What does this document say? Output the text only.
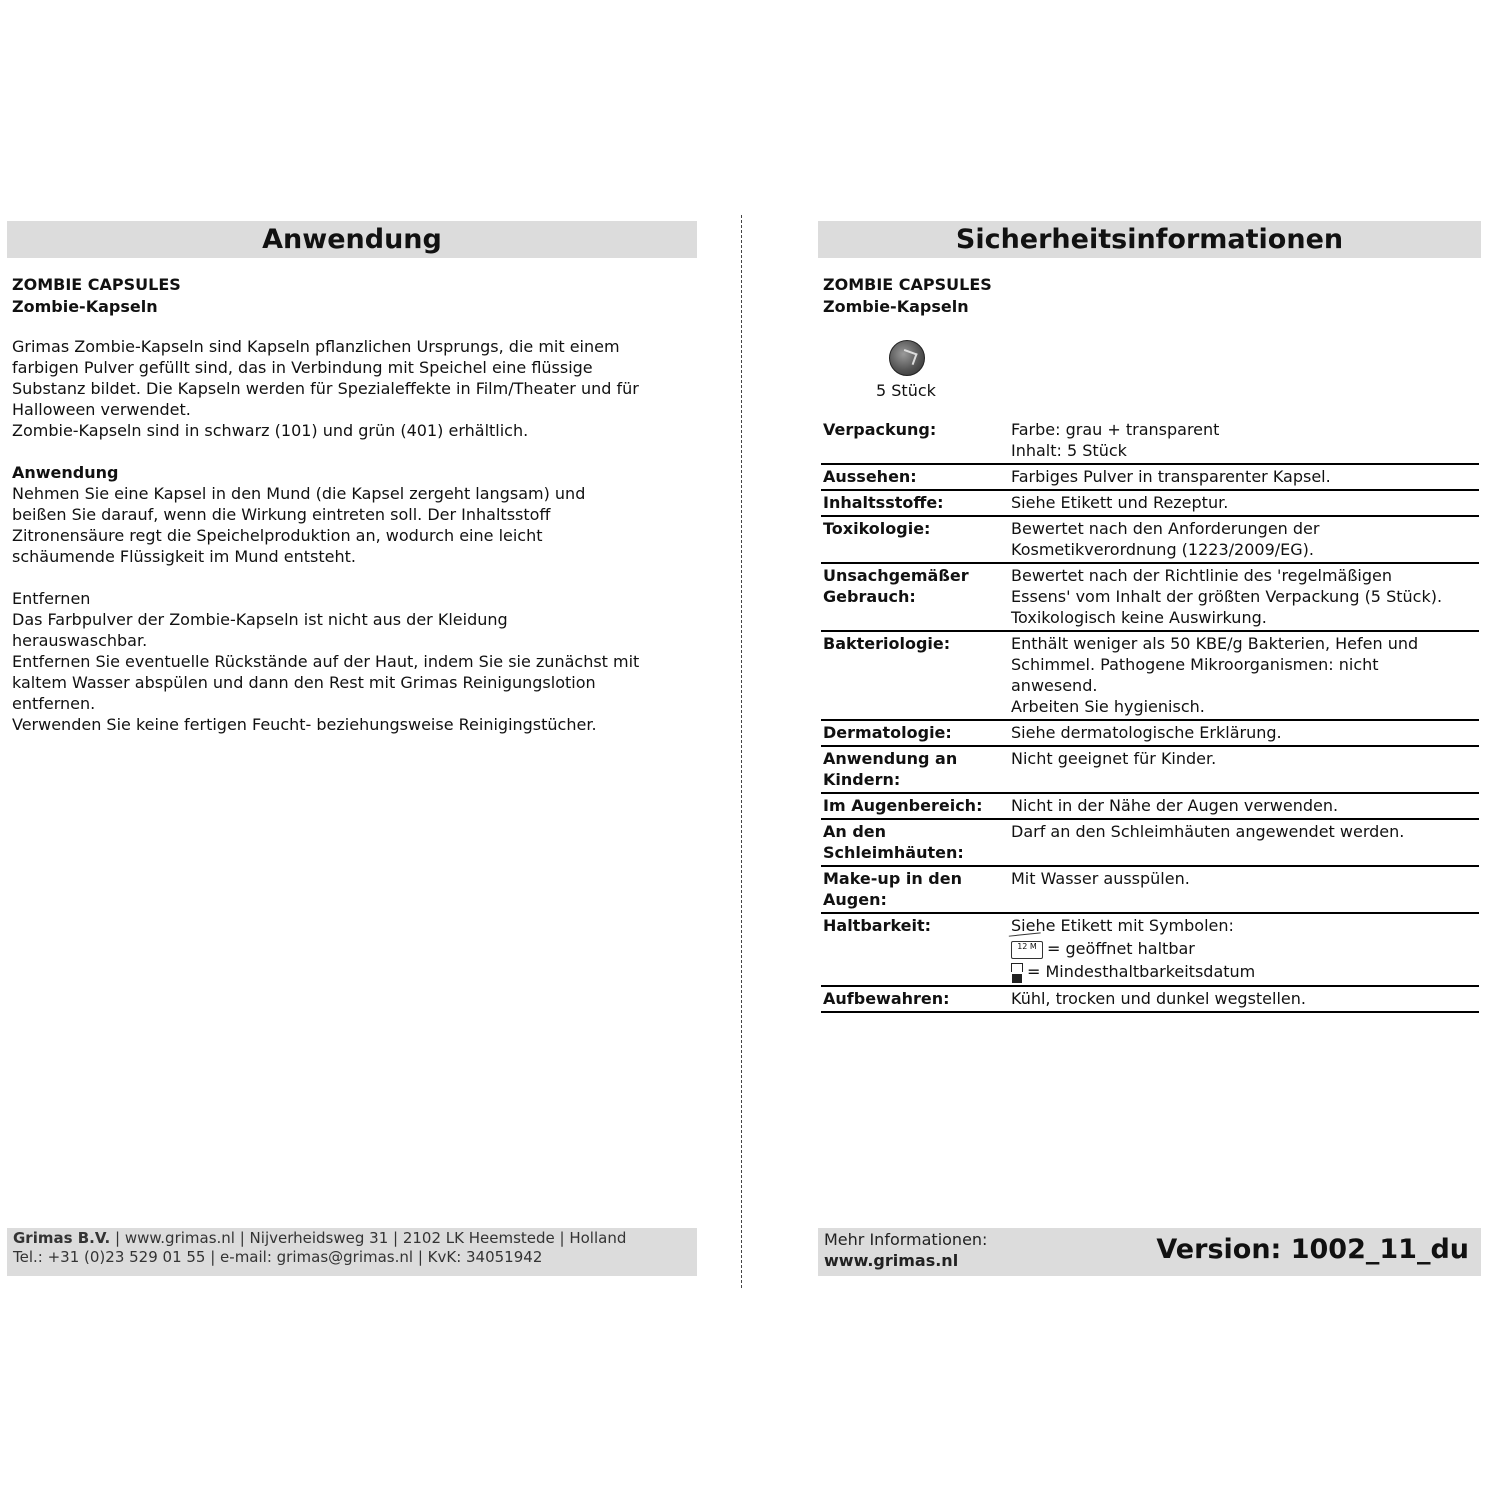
Anwendung
ZOMBIE CAPSULES
Zombie-Kapseln

Grimas Zombie-Kapseln sind Kapseln pflanzlichen Ursprungs, die mit einem

farbigen Pulver gefüllt sind, das in Verbindung mit Speichel eine flüssige

Substanz bildet. Die Kapseln werden für Spezialeffekte in Film/Theater und für

Halloween verwendet.

Zombie-Kapseln sind in schwarz (101) und grün (401) erhältlich.

Anwendung

Nehmen Sie eine Kapsel in den Mund (die Kapsel zergeht langsam) und

beißen Sie darauf, wenn die Wirkung eintreten soll. Der Inhaltsstoff

Zitronensäure regt die Speichelproduktion an, wodurch eine leicht

schäumende Flüssigkeit im Mund entsteht.

Entfernen

Das Farbpulver der Zombie-Kapseln ist nicht aus der Kleidung

herauswaschbar.

Entfernen Sie eventuelle Rückstände auf der Haut, indem Sie sie zunächst mit

kaltem Wasser abspülen und dann den Rest mit Grimas Reinigungslotion

entfernen.

Verwenden Sie keine fertigen Feucht- beziehungsweise Reinigingstücher.

Grimas B.V. | www.grimas.nl | Nijverheidsweg 31 | 2102 LK Heemstede | Holland
Tel.: +31 (0)23 529 01 55 | e-mail: grimas@grimas.nl | KvK: 34051942
Sicherheitsinformationen
ZOMBIE CAPSULES
Zombie-Kapseln
5 Stück
Verpackung:	Farbe: grau + transparent
Inhalt: 5 Stück

Aussehen:	Farbiges Pulver in transparenter Kapsel.

Inhaltsstoffe:	Siehe Etikett und Rezeptur.

Toxikologie:	Bewertet nach den Anforderungen der
Kosmetikverordnung (1223/2009/EG).

Unsachgemäßer Gebrauch:	Bewertet nach der Richtlinie des 'regelmäßigen
Essens' vom Inhalt der größten Verpackung (5 Stück).
Toxikologisch keine Auswirkung.

Bakteriologie:	Enthält weniger als 50 KBE/g Bakterien, Hefen und
Schimmel. Pathogene Mikroorganismen: nicht
anwesend.
Arbeiten Sie hygienisch.

Dermatologie:	Siehe dermatologische Erklärung.

Anwendung an Kindern:	Nicht geeignet für Kinder.

Im Augenbereich:	Nicht in der Nähe der Augen verwenden.

An den Schleimhäuten:	Darf an den Schleimhäuten angewendet werden.

Make-up in den Augen:	Mit Wasser ausspülen.

Haltbarkeit:	Siehe Etikett mit Symbolen:
12 M = geöffnet haltbar
= Mindesthaltbarkeitsdatum

Aufbewahren:	Kühl, trocken und dunkel wegstellen.
Mehr Informationen:
www.grimas.nl	Version: 1002_11_du
